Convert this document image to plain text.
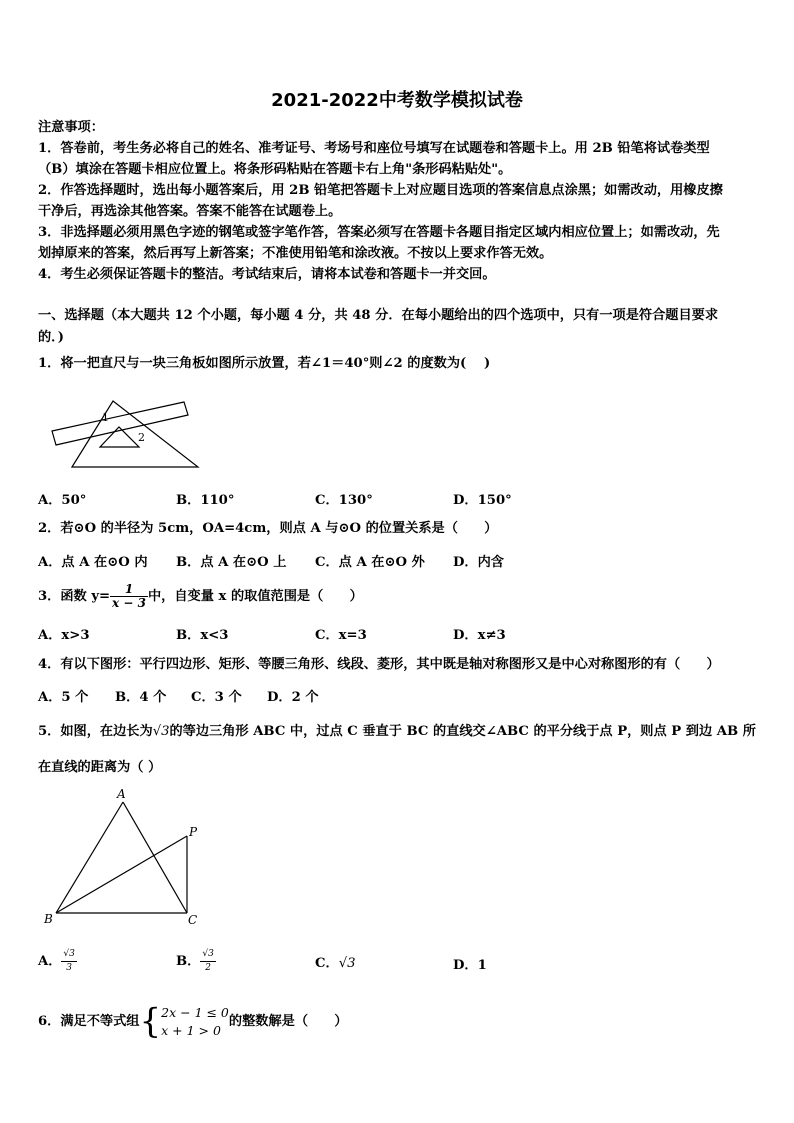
2021-2022中考数学模拟试卷
注意事项：
1．答卷前，考生务必将自己的姓名、准考证号、考场号和座位号填写在试题卷和答题卡上。用 2B 铅笔将试卷类型
（B）填涂在答题卡相应位置上。将条形码粘贴在答题卡右上角"条形码粘贴处"。
2．作答选择题时，选出每小题答案后，用 2B 铅笔把答题卡上对应题目选项的答案信息点涂黑；如需改动，用橡皮擦
干净后，再选涂其他答案。答案不能答在试题卷上。
3．非选择题必须用黑色字迹的钢笔或签字笔作答，答案必须写在答题卡各题目指定区域内相应位置上；如需改动，先
划掉原来的答案，然后再写上新答案；不准使用铅笔和涂改液。不按以上要求作答无效。
4．考生必须保证答题卡的整洁。考试结束后，请将本试卷和答题卡一并交回。
一、选择题（本大题共 12 个小题，每小题 4 分，共 48 分．在每小题给出的四个选项中，只有一项是符合题目要求
的．)
1．将一把直尺与一块三角板如图所示放置，若∠1＝40°则∠2 的度数为(　 )
1
2
A．50°	B．110°	C．130°	D．150°
2．若⊙O 的半径为 5cm，OA=4cm，则点 A 与⊙O 的位置关系是（　　）
A．点 A 在⊙O 内 B．点 A 在⊙O 上 C．点 A 在⊙O 外 D．内含
3．函数 $y= \frac{1}{x - 3}$ 中，自变量 x 的取值范围是（　　）
A．x>3	B．x<3	C．x=3	D．x≠3
4．有以下图形：平行四边形、矩形、等腰三角形、线段、菱形，其中既是轴对称图形又是中心对称图形的有（　　）
A．5 个 B．4 个 C．3 个 D．2 个
5．如图，在边长为√3的等边三角形 ABC 中，过点 C 垂直于 BC 的直线交∠ABC 的平分线于点 P，则点 P 到边 AB 所
在直线的距离为（ ）
A
B	C
P
A． $\frac{√3}{3}$	B． $\frac{√3}{2}$	C．√3	D．1
6．满足不等式组{ 2x − 1 ≤ 0
x + 1 > 0
的整数解是（　　）
